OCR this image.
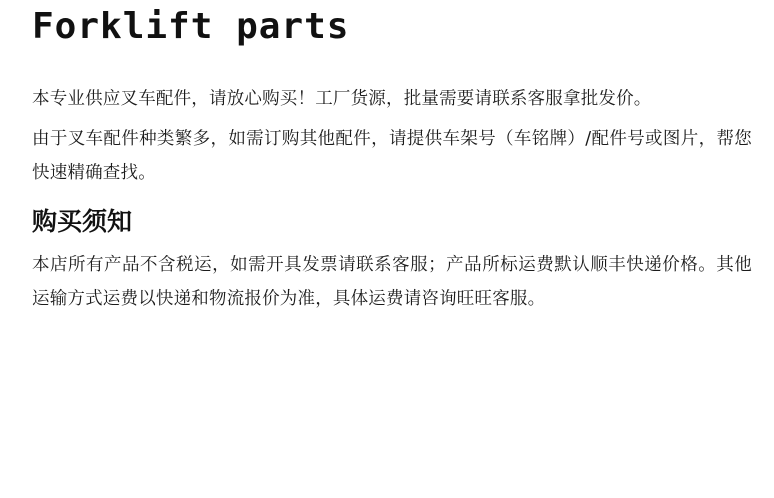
Forklift parts

本专业供应叉车配件，请放心购买！工厂货源，批量需要请联系客服拿批发价。

由于叉车配件种类繁多，如需订购其他配件，请提供车架号（车铭牌）/配件号或图片，帮您快速精确查找。

购买须知

本店所有产品不含税运，如需开具发票请联系客服；产品所标运费默认顺丰快递价格。其他运输方式运费以快递和物流报价为准，具体运费请咨询旺旺客服。
